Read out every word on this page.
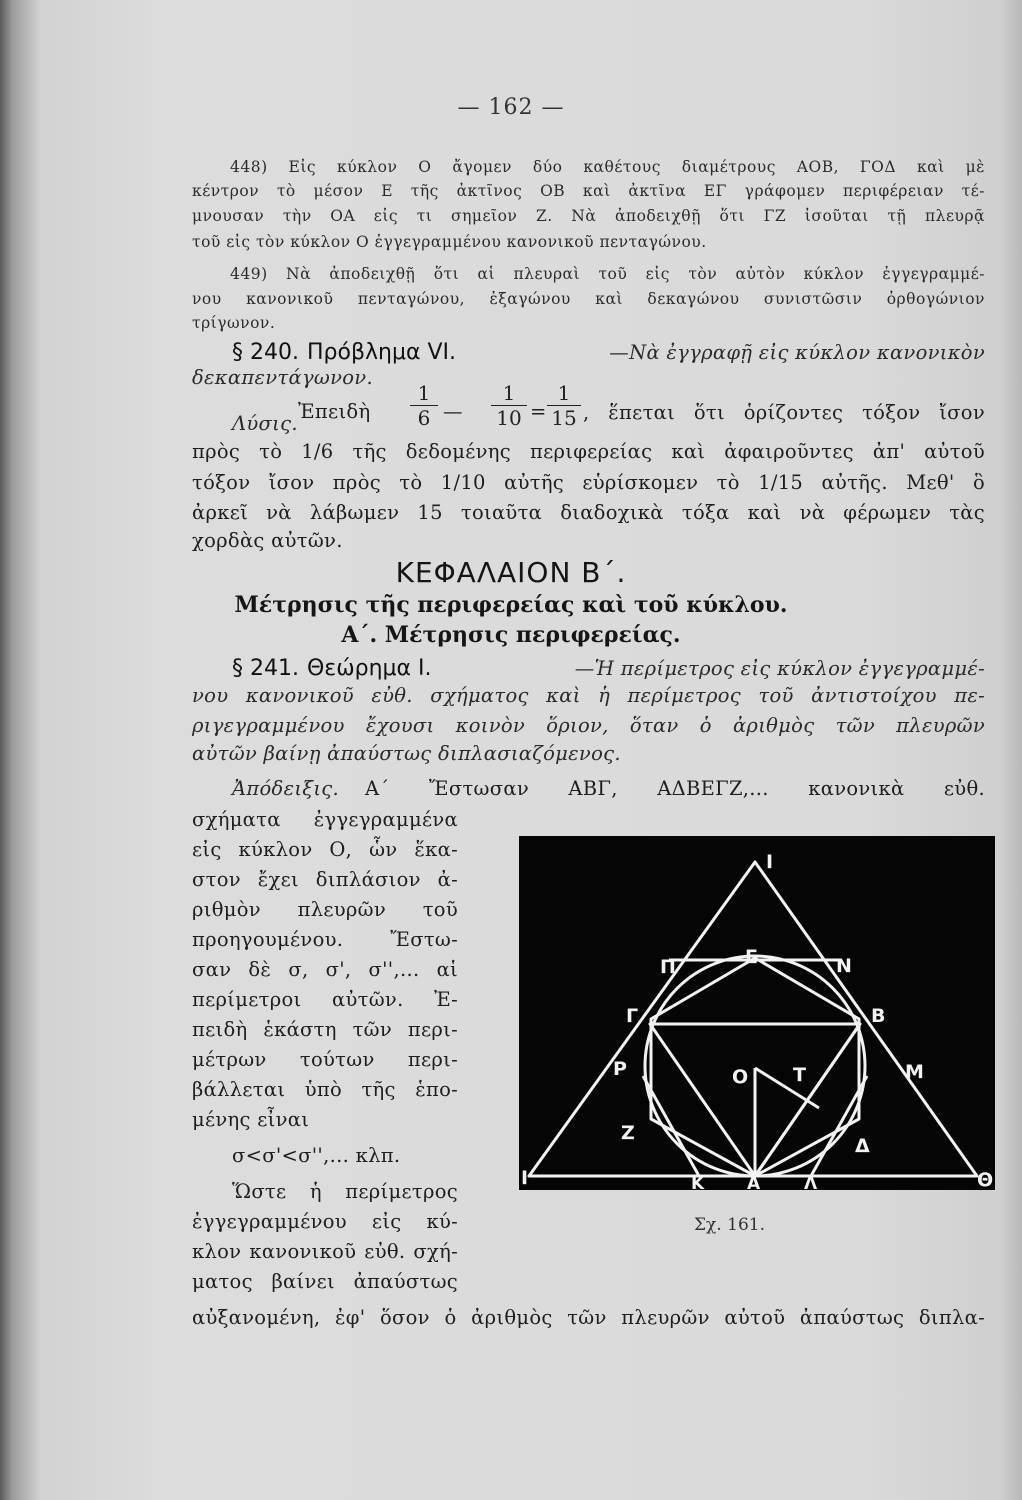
— 162 —
448) Εἰς κύκλον Ο ἄγομεν δύο καθέτους διαμέτρους ΑΟΒ, ΓΟΔ καὶ μὲ
κέντρον τὸ μέσον Ε τῆς ἀκτῖνος ΟΒ καὶ ἀκτῖνα ΕΓ γράφομεν περιφέρειαν τέ-
μνουσαν τὴν ΟΑ εἰς τι σημεῖον Ζ. Νὰ ἀποδειχθῇ ὅτι ΓΖ ἰσοῦται τῇ πλευρᾷ
τοῦ εἰς τὸν κύκλον Ο ἐγγεγραμμένου κανονικοῦ πενταγώνου.
449) Νὰ ἀποδειχθῇ ὅτι αἱ πλευραὶ τοῦ εἰς τὸν αὐτὸν κύκλον ἐγγεγραμμέ-
νου κανονικοῦ πενταγώνου, ἑξαγώνου καὶ δεκαγώνου συνιστῶσιν ὀρθογώνιον
τρίγωνον.
§ 240. Πρόβλημα VI.	—Νὰ ἐγγραφῇ εἰς κύκλον κανονικὸν
δεκαπεντάγωνον.
Λύσις.
Ἐπειδὴ $\frac{1}{6}$ — $\frac{1}{10} = \frac{1}{15}$ , ἕπεται ὅτι ὁρίζοντες τόξον ἴσον
πρὸς τὸ 1/6 τῆς δεδομένης περιφερείας καὶ ἀφαιροῦντες ἀπ' αὐτοῦ
τόξον ἴσον πρὸς τὸ 1/10 αὐτῆς εὑρίσκομεν τὸ 1/15 αὐτῆς. Μεθ' ὃ
ἀρκεῖ νὰ λάβωμεν 15 τοιαῦτα διαδοχικὰ τόξα καὶ νὰ φέρωμεν τὰς
χορδὰς αὐτῶν.
ΚΕΦΑΛΑΙΟΝ Β΄.
Μέτρησις τῆς περιφερείας καὶ τοῦ κύκλου.
Α΄. Μέτρησις περιφερείας.
§ 241. Θεώρημα Ι.	—Ἡ περίμετρος εἰς κύκλον ἐγγεγραμμέ-
νου κανονικοῦ εὐθ. σχήματος καὶ ἡ περίμετρος τοῦ ἀντιστοίχου πε-
ριγεγραμμένου ἔχουσι κοινὸν ὅριον, ὅταν ὁ ἀριθμὸς τῶν πλευρῶν
αὐτῶν βαίνῃ ἀπαύστως διπλασιαζόμενος.
Ἀπόδειξις. Α΄ Ἔστωσαν ΑΒΓ, ΑΔΒΕΓΖ,... κανονικὰ εὐθ.
σχήματα ἐγγεγραμμένα
εἰς κύκλον Ο, ὧν ἕκα-
στον ἔχει διπλάσιον ἀ-
ριθμὸν πλευρῶν τοῦ
προηγουμένου. Ἔστω-
σαν δὲ σ, σ', σ'',... αἱ
περίμετροι αὐτῶν. Ἐ-
πειδὴ ἑκάστη τῶν περι-
μέτρων τούτων περι-
βάλλεται ὑπὸ τῆς ἑπο-
μένης εἶναι
σ<σ'<σ'',... κλπ.
Ὥστε ἡ περίμετρος
ἐγγεγραμμένου εἰς κύ-
κλον κανονικοῦ εὐθ. σχή-
ματος βαίνει ἀπαύστως
αὐξανομένη, ἐφ' ὅσον ὁ ἀριθμὸς τῶν πλευρῶν αὐτοῦ ἀπαύστως διπλα-
Ι
Ε
Π	Ν
Γ	Β
Ρ	Ο Τ	Μ
Ζ
Δ
Κ	Α	Λ	Θ
Ι
Σχ. 161.
